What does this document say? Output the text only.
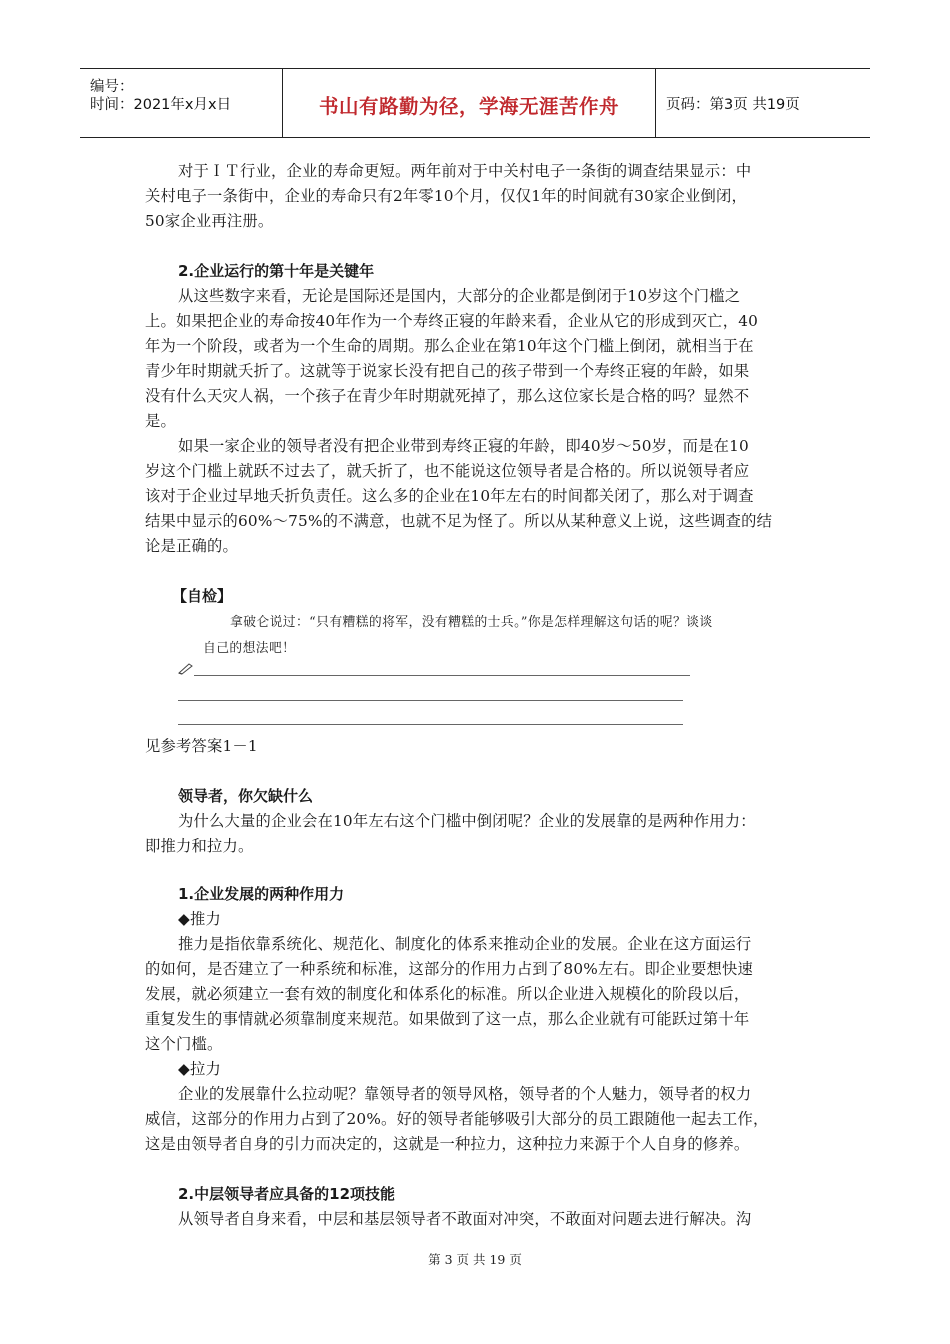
编号：
时间：2021年x月x日	书山有路勤为径，学海无涯苦作舟	页码：第3页 共19页
对于ＩＴ行业，企业的寿命更短。两年前对于中关村电子一条街的调查结果显示：中
关村电子一条街中，企业的寿命只有2年零10个月，仅仅1年的时间就有30家企业倒闭，
50家企业再注册。
2.企业运行的第十年是关键年
从这些数字来看，无论是国际还是国内，大部分的企业都是倒闭于10岁这个门槛之
上。如果把企业的寿命按40年作为一个寿终正寝的年龄来看，企业从它的形成到灭亡，40
年为一个阶段，或者为一个生命的周期。那么企业在第10年这个门槛上倒闭，就相当于在
青少年时期就夭折了。这就等于说家长没有把自己的孩子带到一个寿终正寝的年龄，如果
没有什么天灾人祸，一个孩子在青少年时期就死掉了，那么这位家长是合格的吗？显然不
是。
如果一家企业的领导者没有把企业带到寿终正寝的年龄，即40岁～50岁，而是在10
岁这个门槛上就跃不过去了，就夭折了，也不能说这位领导者是合格的。所以说领导者应
该对于企业过早地夭折负责任。这么多的企业在10年左右的时间都关闭了，那么对于调查
结果中显示的60%～75%的不满意，也就不足为怪了。所以从某种意义上说，这些调查的结
论是正确的。
【自检】
拿破仑说过：“只有糟糕的将军，没有糟糕的士兵。”你是怎样理解这句话的呢？谈谈
自己的想法吧！
见参考答案1－1
领导者，你欠缺什么
为什么大量的企业会在10年左右这个门槛中倒闭呢？企业的发展靠的是两种作用力：
即推力和拉力。
1.企业发展的两种作用力
◆推力
推力是指依靠系统化、规范化、制度化的体系来推动企业的发展。企业在这方面运行
的如何，是否建立了一种系统和标准，这部分的作用力占到了80%左右。即企业要想快速
发展，就必须建立一套有效的制度化和体系化的标准。所以企业进入规模化的阶段以后，
重复发生的事情就必须靠制度来规范。如果做到了这一点，那么企业就有可能跃过第十年
这个门槛。
◆拉力
企业的发展靠什么拉动呢？靠领导者的领导风格，领导者的个人魅力，领导者的权力
威信，这部分的作用力占到了20%。好的领导者能够吸引大部分的员工跟随他一起去工作，
这是由领导者自身的引力而决定的，这就是一种拉力，这种拉力来源于个人自身的修养。
2.中层领导者应具备的12项技能
从领导者自身来看，中层和基层领导者不敢面对冲突，不敢面对问题去进行解决。沟
第 3 页 共 19 页
